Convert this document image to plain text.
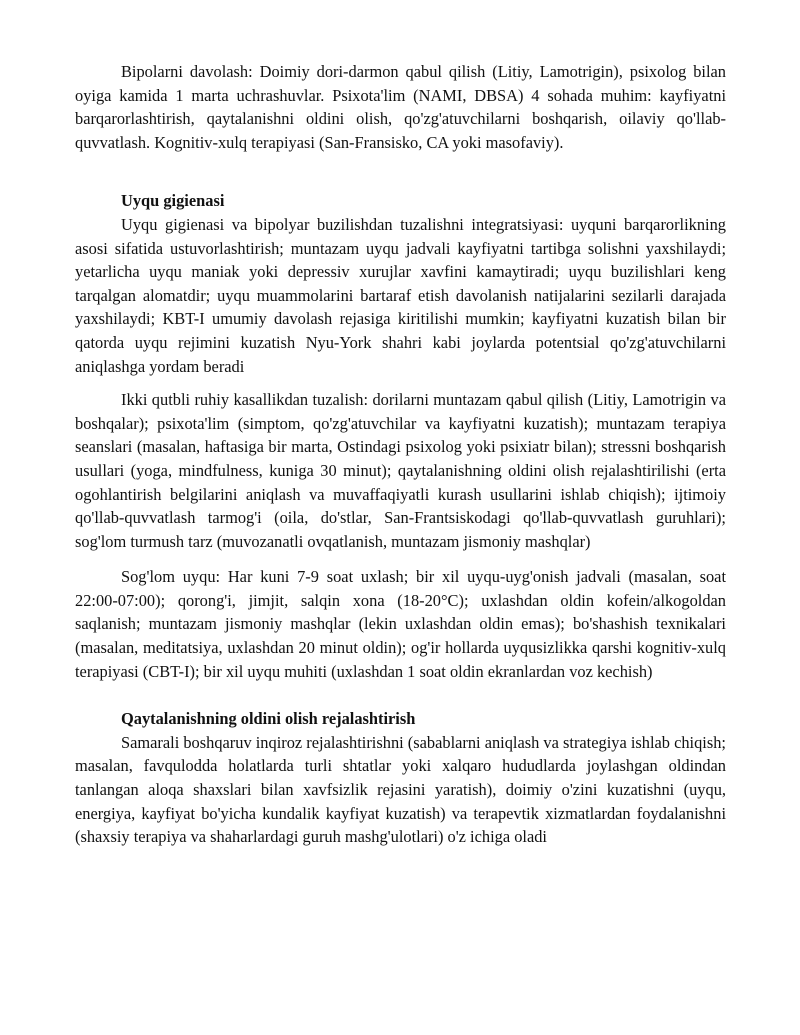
Bipolarni davolash: Doimiy dori-darmon qabul qilish (Litiy, Lamotrigin), psixolog bilan oyiga kamida 1 marta uchrashuvlar. Psixota'lim (NAMI, DBSA) 4 sohada muhim: kayfiyatni barqarorlashtirish, qaytalanishni oldini olish, qo'zg'atuvchilarni boshqarish, oilaviy qo'llab-quvvatlash. Kognitiv-xulq terapiyasi (San-Fransisko, CA yoki masofaviy).

Uyqu gigienasi

Uyqu gigienasi va bipolyar buzilishdan tuzalishni integratsiyasi: uyquni barqarorlikning asosi sifatida ustuvorlashtirish; muntazam uyqu jadvali kayfiyatni tartibga solishni yaxshilaydi; yetarlicha uyqu maniak yoki depressiv xurujlar xavfini kamaytiradi; uyqu buzilishlari keng tarqalgan alomatdir; uyqu muammolarini bartaraf etish davolanish natijalarini sezilarli darajada yaxshilaydi; KBT-I umumiy davolash rejasiga kiritilishi mumkin; kayfiyatni kuzatish bilan bir qatorda uyqu rejimini kuzatish Nyu-York shahri kabi joylarda potentsial qo'zg'atuvchilarni aniqlashga yordam beradi

Ikki qutbli ruhiy kasallikdan tuzalish: dorilarni muntazam qabul qilish (Litiy, Lamotrigin va boshqalar); psixota'lim (simptom, qo'zg'atuvchilar va kayfiyatni kuzatish); muntazam terapiya seanslari (masalan, haftasiga bir marta, Ostindagi psixolog yoki psixiatr bilan); stressni boshqarish usullari (yoga, mindfulness, kuniga 30 minut); qaytalanishning oldini olish rejalashtirilishi (erta ogohlantirish belgilarini aniqlash va muvaffaqiyatli kurash usullarini ishlab chiqish); ijtimoiy qo'llab-quvvatlash tarmog'i (oila, do'stlar, San-Frantsiskodagi qo'llab-quvvatlash guruhlari); sog'lom turmush tarz (muvozanatli ovqatlanish, muntazam jismoniy mashqlar)

Sog'lom uyqu: Har kuni 7-9 soat uxlash; bir xil uyqu-uyg'onish jadvali (masalan, soat 22:00-07:00); qorong'i, jimjit, salqin xona (18-20°C); uxlashdan oldin kofein/alkogoldan saqlanish; muntazam jismoniy mashqlar (lekin uxlashdan oldin emas); bo'shashish texnikalari (masalan, meditatsiya, uxlashdan 20 minut oldin); og'ir hollarda uyqusizlikka qarshi kognitiv-xulq terapiyasi (CBT-I); bir xil uyqu muhiti (uxlashdan 1 soat oldin ekranlardan voz kechish)

Qaytalanishning oldini olish rejalashtirish

Samarali boshqaruv inqiroz rejalashtirishni (sabablarni aniqlash va strategiya ishlab chiqish; masalan, favqulodda holatlarda turli shtatlar yoki xalqaro hududlarda joylashgan oldindan tanlangan aloqa shaxslari bilan xavfsizlik rejasini yaratish), doimiy o'zini kuzatishni (uyqu, energiya, kayfiyat bo'yicha kundalik kayfiyat kuzatish) va terapevtik xizmatlardan foydalanishni (shaxsiy terapiya va shaharlardagi guruh mashg'ulotlari) o'z ichiga oladi
